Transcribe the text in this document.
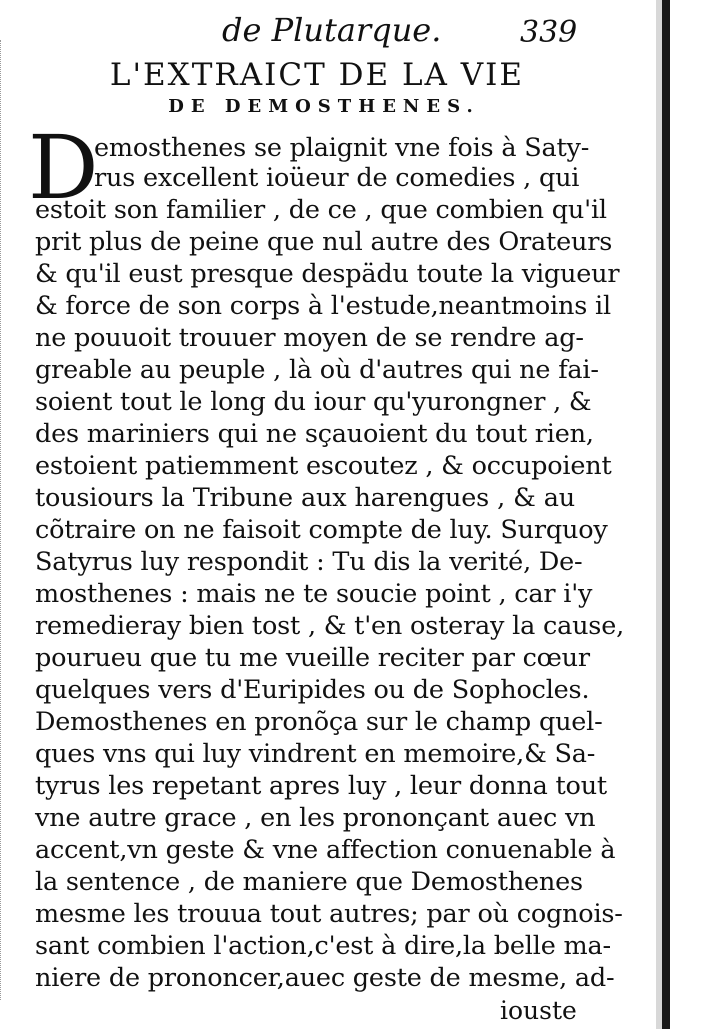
de Plutarque.	339
L'EXTRAICT DE LA VIE
DE DEMOSTHENES.
D
emosthenes se plaignit vne fois à Saty-
rus excellent ioüeur de comedies , qui
estoit son familier , de ce , que combien qu'il
prit plus de peine que nul autre des Orateurs
& qu'il eust presque despädu toute la vigueur
& force de son corps à l'estude,neantmoins il
ne pouuoit trouuer moyen de se rendre ag-
greable au peuple , là où d'autres qui ne fai-
soient tout le long du iour qu'yurongner , &
des mariniers qui ne sçauoient du tout rien,
estoient patiemment escoutez , & occupoient
tousiours la Tribune aux harengues , & au
cõtraire on ne faisoit compte de luy. Surquoy
Satyrus luy respondit : Tu dis la verité, De-
mosthenes : mais ne te soucie point , car i'y
remedieray bien tost , & t'en osteray la cause,
pourueu que tu me vueille reciter par cœur
quelques vers d'Euripides ou de Sophocles.
Demosthenes en pronõça sur le champ quel-
ques vns qui luy vindrent en memoire,& Sa-
tyrus les repetant apres luy , leur donna tout
vne autre grace , en les prononçant auec vn
accent,vn geste & vne affection conuenable à
la sentence , de maniere que Demosthenes
mesme les trouua tout autres; par où cognois-
sant combien l'action,c'est à dire,la belle ma-
niere de prononcer,auec geste de mesme, ad-
iouste
